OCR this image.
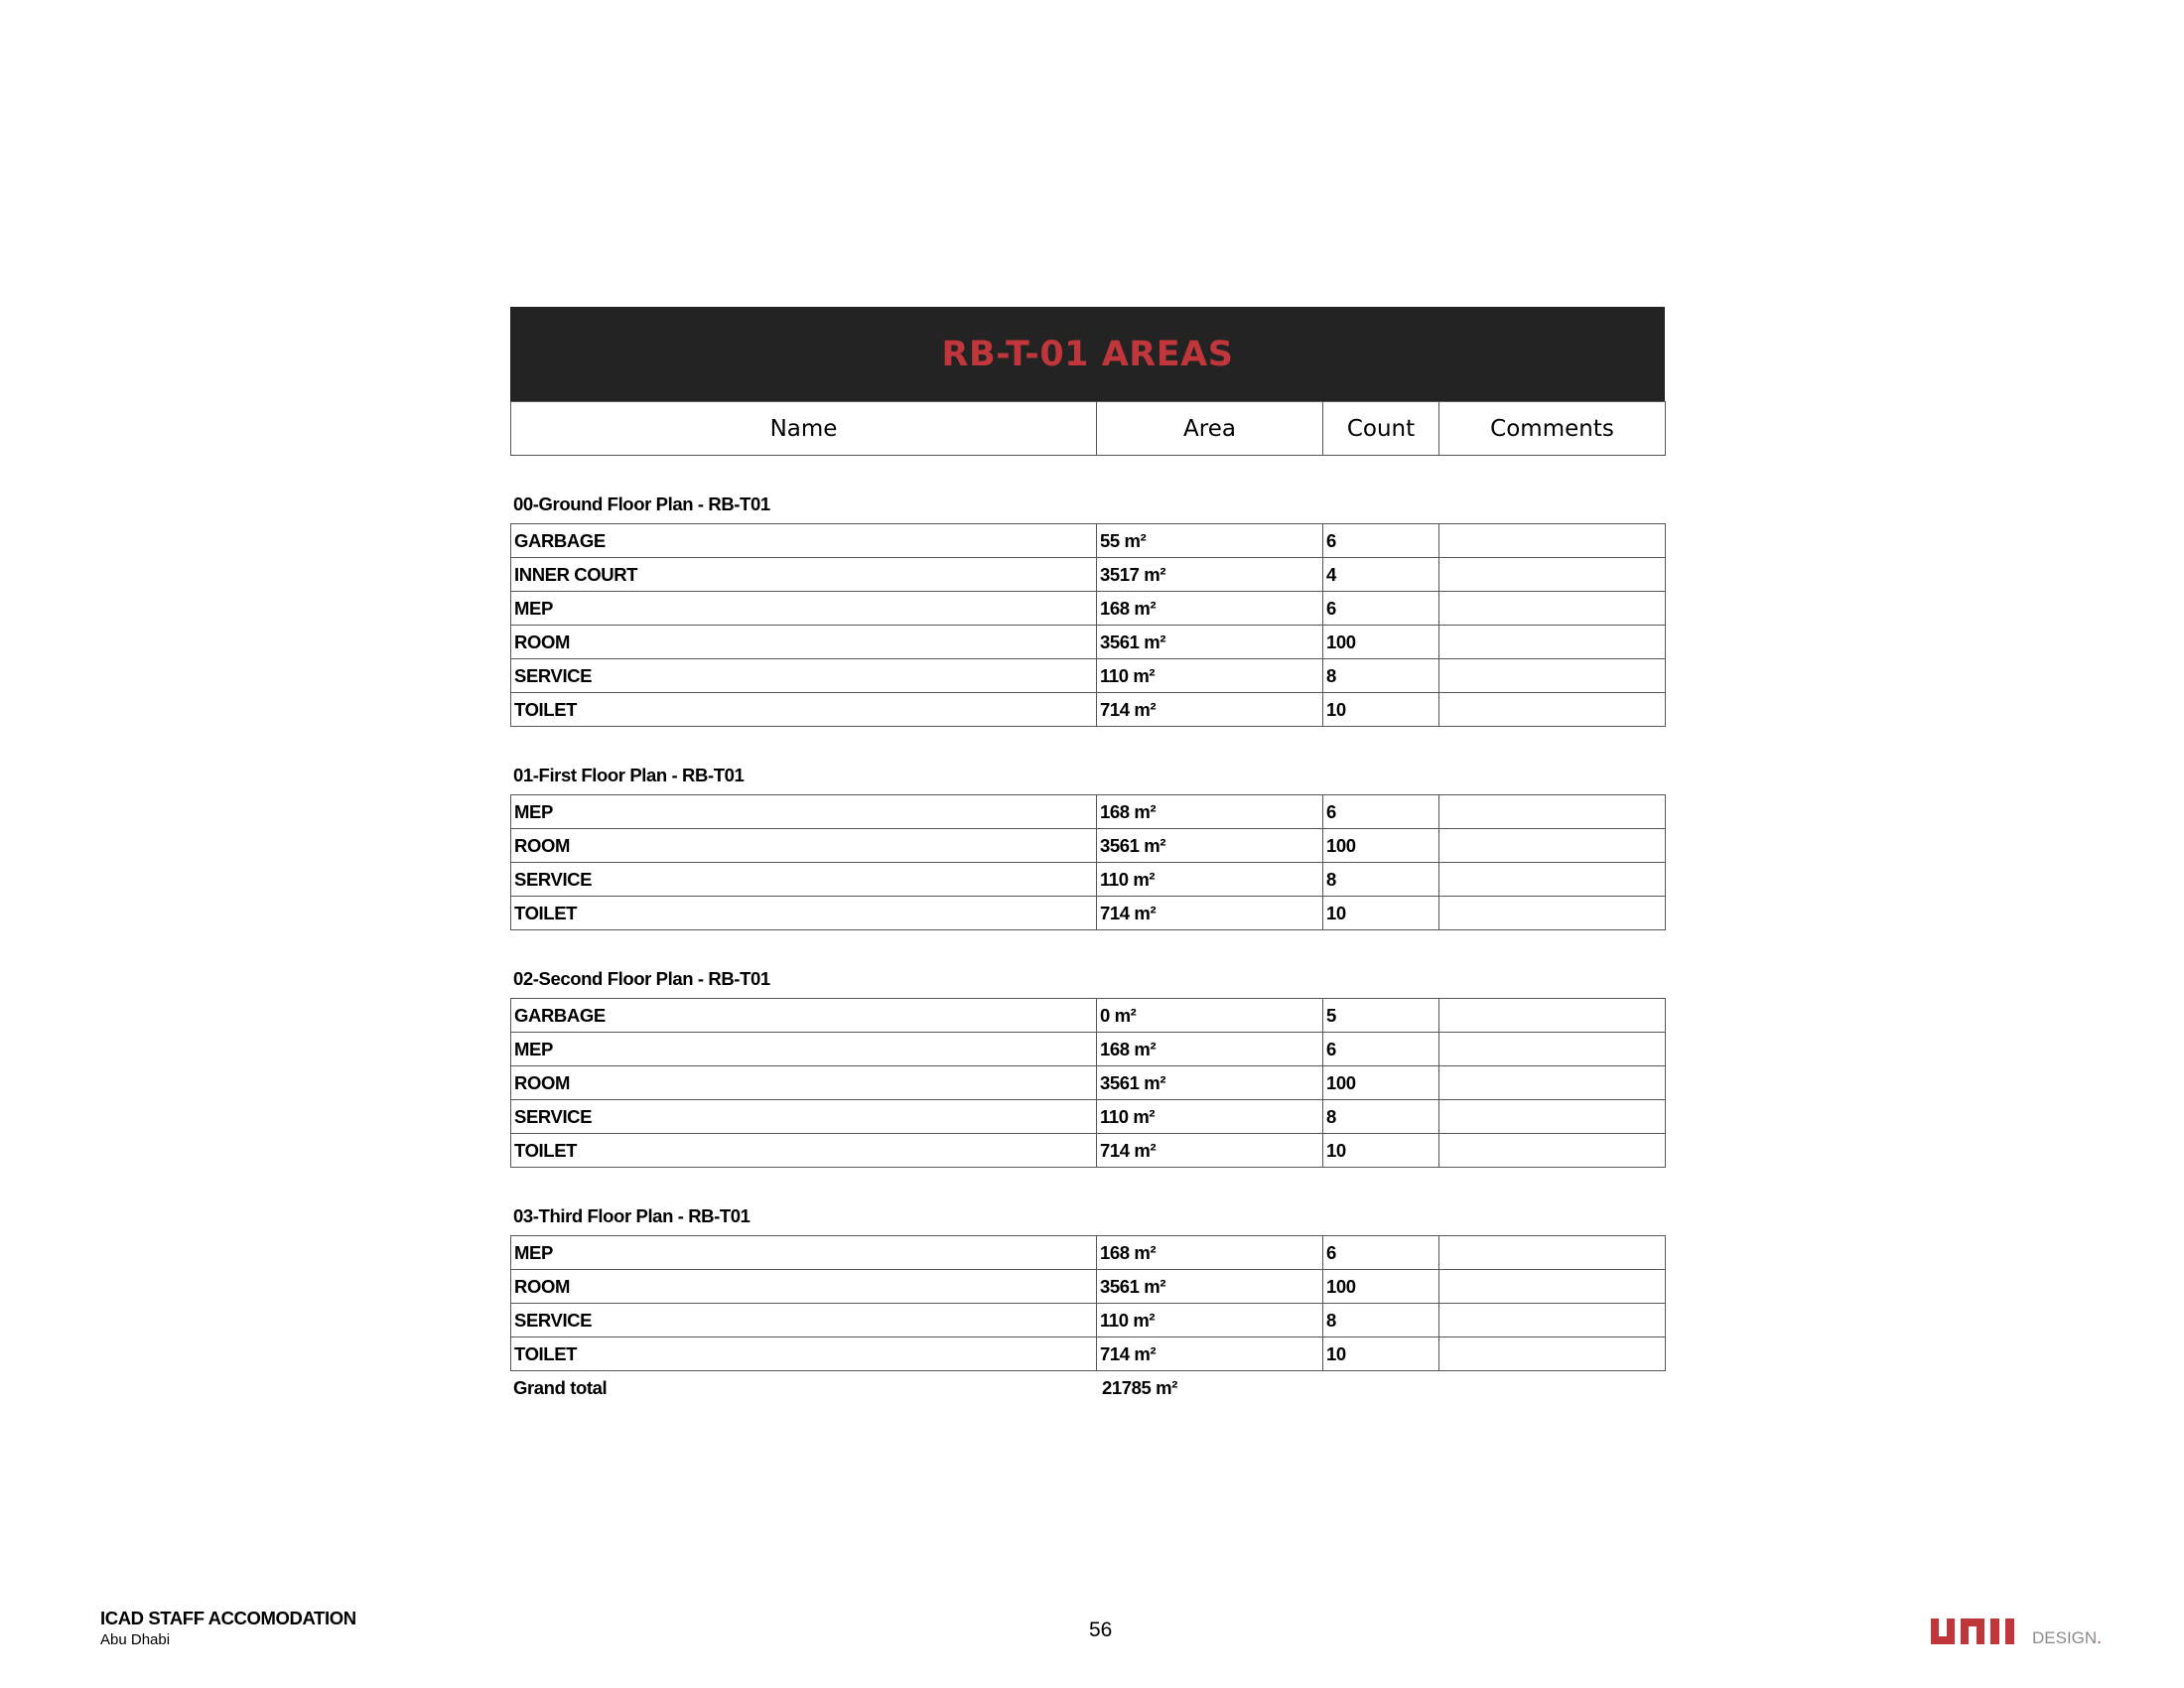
RB-T-01 AREAS
Name	Area	Count	Comments
00-Ground Floor Plan - RB-T01
GARBAGE	55 m²	6	
INNER COURT	3517 m²	4	
MEP	168 m²	6	
ROOM	3561 m²	100	
SERVICE	110 m²	8	
TOILET	714 m²	10	
01-First Floor Plan - RB-T01
MEP	168 m²	6	
ROOM	3561 m²	100	
SERVICE	110 m²	8	
TOILET	714 m²	10	
02-Second Floor Plan - RB-T01
GARBAGE	0 m²	5	
MEP	168 m²	6	
ROOM	3561 m²	100	
SERVICE	110 m²	8	
TOILET	714 m²	10	
03-Third Floor Plan - RB-T01
MEP	168 m²	6	
ROOM	3561 m²	100	
SERVICE	110 m²	8	
TOILET	714 m²	10	
Grand total	21785 m²
ICAD STAFF ACCOMODATION
Abu Dhabi	56	DESIGN.
